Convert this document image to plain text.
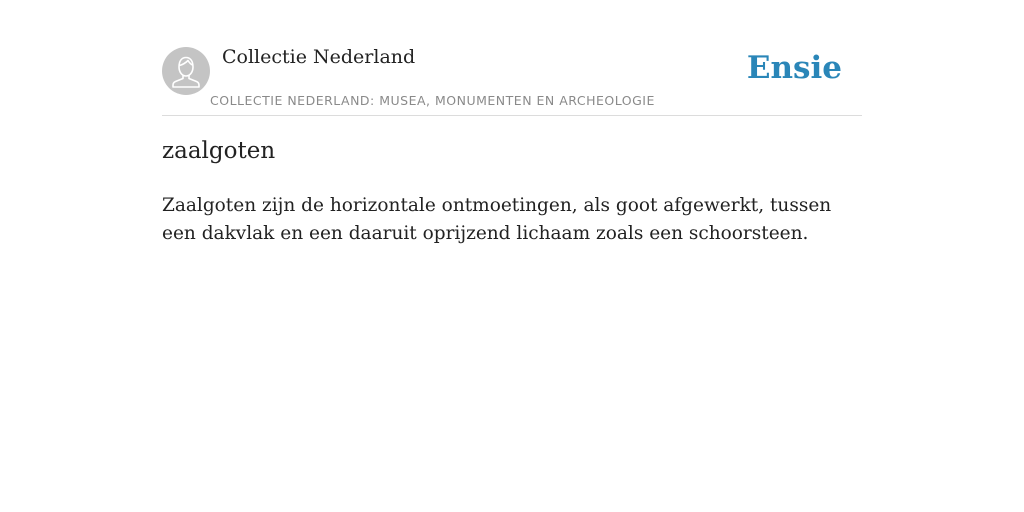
Collectie Nederland
COLLECTIE NEDERLAND: MUSEA, MONUMENTEN EN ARCHEOLOGIE
Ensie
zaalgoten

Zaalgoten zijn de horizontale ontmoetingen, als goot afgewerkt, tussen een dakvlak en een daaruit oprijzend lichaam zoals een schoorsteen.
